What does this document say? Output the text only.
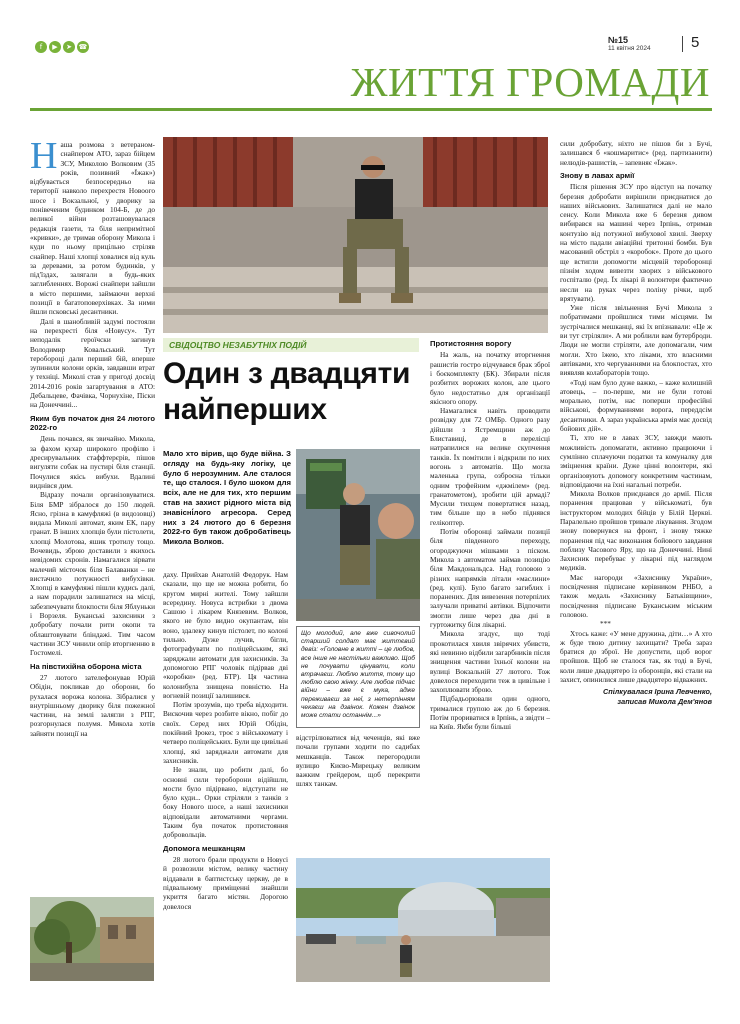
f ▶ ➤ ☎
№15
11 квітня 2024	5
ЖИТТЯ ГРОМАДИ
Н аша розмова з ветераном-снайпером АТО, зараз бійцем ЗСУ, Миколою Волковим (35 років, позивний «Їжак») відбувається безпосередньо на території навколо перехрестя Новоого шосе і Вокзальної, у дворику за понівеченим будинком 104-Б, де до великої війни розташовувалася редакція газети, та біля непримітної «кривки», де тримав оборону Микола і куди по ньому прицільно стріляв снайпер. Наші хлопці ховалися від куль за деревами, за ротом будинків, у під'їздах, залягали в будь-яких заглибленнях. Ворожі снайпери зайшли в місто першими, займаючи верхні позиції в багатоповерхівках. За ними йшли псковські десантники.

Далі в шанобливій задумі постояли на перехресті біля «Новусу». Тут неподалік героїчски загинув Володимир Ковальський. Тут теробороці дали перший бій, вперше зупинили колони орків, завдавши втрат у техніці. Миколі став у пригоді досвід 2014-2016 років загартування в АТО: Дебальцеве, Фачівка, Чорнухіне, Піски на Донеччині...

Яким був початок дня 24 лютого 2022-го

День почався, як звичайно. Микола, за фахом кухар широкого профілю і дресирувальник стаффтерєрів, пішов вигуляти собак на пустирі біля станції. Почулися якісь вибухи. Вдалині виднівся дим.

Відразу почали організовуватися. Біля БМР зібралося до 150 людей. Ясно, грізна в камуфляжі (в видозовці) видала Миколі автомат, яким ЕК, пару гранат. В інших хлопців були пістолети, хлопці Молотова, яшик тротилу тощо. Вочевидь, зброю доставили з якихось невідомих схронів. Намагалися зірвати малечий місточок біля Балаванки – не вистачило потужності вибухівки. Хлопці в камуфляжі пішли кудись далі, а нам порадили залишатися на місці, забезпечувати блокпости біля Яблуньки і Ворзеля. Буканські захисники з добробату почали рити окопи та облаштовувати бліндажі. Тим часом частини ЗСУ чинили опір вторгненню в Гостомелі.

На півстихійна оборона міста

27 лютого зателефонував Юрій Обідін, покликав до оборони, бо рухалася ворожа колона. Зібралися у внутрішньому дворику біля пожежної частини, на землі залягли з РПГ, розгорнулася полумя. Микола хотів зайняти позиції на

СВІДОЦТВО НЕЗАБУТНІХ ПОДІЙ
Один з двадцяти найперших
Мало хто вірив, що буде війна. З огляду на будь-яку логіку, це було б нерозумним. Але сталося те, що сталося. І було шоком для всіх, але не для тих, хто першим став на захист рідного міста від знавісні́лого агресора. Серед них з 24 лютого до 6 березня 2022-го був також добробатівець Микола Волков.

даху. Прийхав Анатолій Федорук. Нам сказали, що ще не можна робити, бо кругом мирні жителі. Тому зайшли всередину. Новуса встрибки з двома Сашою і лікарем Князевим. Волков, якого не було видно окупантам, він воно, здалеку кинув пістолет, по колоні тильно. Дуже лучив, бігли, фотографувати по поліцейським, які заряджали автомати для захисників. Зa допомогою РПГ чоловік підірвав дві «коробки» (ред. БТР). Ця частина колонибула знищена повністю. На вогневій позиції залишився.

Потім зрозумів, що треба відходити. Вискочив через розбите вікно, побіг до своїх. Серед них Юрій Обідін, покійний Ірокез, троє з військкомату і четверо поліцейських. Були ще цивільні хлопці, які заряджали автомати для захисників.

Не знали, що робити далі, бо основні сили тероборони відійшли, мости було підірвано, відступати не було куди... Орки стріляли з танків з боку Нового шосе, а наші захисники відповідали автоматними чергами. Таким був початок протистояння добровольців.

Допомога мешканцям

28 лютого брали продукти в Новусі й розвозили містом, велику частину віддавали в баптистську церкву, де в підвальному приміщенні знайшли укриття багато містян. Дорогою довелося

Що молодий, але вже сивочолий старший солдат має життєвий девіз: «Головне в житті – це любов, все інше не настільки важливо. Щоб не почувати цінувати, коли втрачаєш. Люблю життя, тому що люблю свою жінку. Але любов підчас війни – вже є мука, адже переживаєш за неї, з нетерпінням чекаєш на дзвінок. Кожен дзвінок може стати останнім...»
Протистояння ворогу

На жаль, на початку вторгнення рашистів гостро відчувався брак зброї і боєкомплекту (БК). Збирали після розбитих ворожих колон, але цього було недостатньо для організації якісного опору.

Намагалися навіть проводити розвідку для 72 ОМБр. Одного разу дійшли з Ястремщини аж до Блиставиці, де в перелісці натрапилися на велике скупчення танків. Їх помітили і відкрили по них вогонь з автоматів. Що могла маленька група, озброєна тільки одним трофейним «джмілем» (ред. гранатометом), зробити цій армаді? Мусили тихцем повертатися назад, тим більше що в небо піднявся гелікоптер.

Потім оборонці займали позиції біля південного переходу, огороджуючи мішками з піском. Микола з автоматом займав позицію біля Макдональдса. Над головою з різних напрямків літали «маслини» (ред. кулі). Було багато загиблих і поранених. Для вивезення потерпілих залучали приватні автівки. Відпочити змогли лише через два дні в гуртожитку біля лікарні.

Микола згадує, що тоді прокотилася хвиля звірячих убивств, які невинно відбили загарбників після знищення частини їхньої колони на вулиці Вокзальній 27 лютого. Тож довелося переходити теж в цивільне і захоплювати зброю.

Підбадьорювали один одного, трималися групою аж до 6 березня. Потім прориватися в Ірпінь, а звідти – на Київ. Якби були більші

відстрілюватися від чеченців, які вже почали групами ходити по садибах мешканців. Також перегородили вулицю Києво-Мирецьку великим важким грейдером, щоб перекрити шлях танкам.

сили добробату, ніхто не пішов би з Бучі, залишався б «кошмаритис» (ред. партизанити) нелюдів-рашистів, – запевняє «Їжак».

Знову в лавах армії

Після рішення ЗСУ про відступ на початку березня добробати вирішили приєднатися до наших військових. Залишатися далі не мало сенсу. Коли Микола вже 6 березня дивом вибирався на машині через Ірпінь, отримав контузію від потужної вибухової хвилі. Зверху на місто падали авіаційні тритонні бомби. Був масований обстріл з «коробок». Проте до цього ще встигли допомогти місцевій тероборонці пізнім ходом вивезти хворих з військового госпіталю (ред. Їх лікарі й волонтери фактично несли на руках через поліну річки, щоб врятувати).

Уже після звільнення Бучі Микола з побратимами пройшлися тими місцями. Ім зустрічалися мешканці, які їх впізнавали: «Це ж ви тут стріляли». А ми роблили вам бутерброди. Люди не могли стріляти, але допомагали, чим могли. Хто їжею, хто ліками, хто власними автівками, хто чергуваннями на блокпостах, хто виявляв колабораторів тощо.

«Тоді нам було дуже важко, – каже колишній атовець, – по-перше, ми не були готові морально, потім, нас поперши професійні військові, формуваннями ворога, переддсім десантники. А зараз українська армія має досвід бойових дій».

Ті, хто не в лавах ЗСУ, завжди мають можливість допомагати, активно працюючи і сумлінно сплачуючи податки та комуналку для зміцнення країни. Дуже цінні волонтери, які організовують допомогу конкретним частинам, відповідаючи на їхні нагальні потреби.

Микола Волков приєднався до армії. Після поранення працював у військоматі, був інструктором молодих бійців у Білій Церкві. Паралельно пройшов тривале лікування. Згодом знову повернувся на фронт, і знову тяжке поранення під час виконання бойового завдання поблизу Часового Яру, що на Донеччині. Нині Захисник перебуває у лікарні під наглядом медиків.

Має нагороди «Захиснику України», посвідчення підписане керівником РНБО, а також медаль «Захиснику Батьківщини», посвідчення підписане Буканським міським головою.

***

Хтось каже: «У мене дружина, діти…» А хто ж буде твою дитину захищати? Треба зараз братися до зброї. Не допустити, щоб ворог пройшов. Щоб не сталося так, як тоді в Бучі, коли лише двадцятеро із оборонців, які стали на захист, опинилися лише двадцятеро відважних.

Спілкувалася Ірина Левченко,
записав Микола Дем'янов
